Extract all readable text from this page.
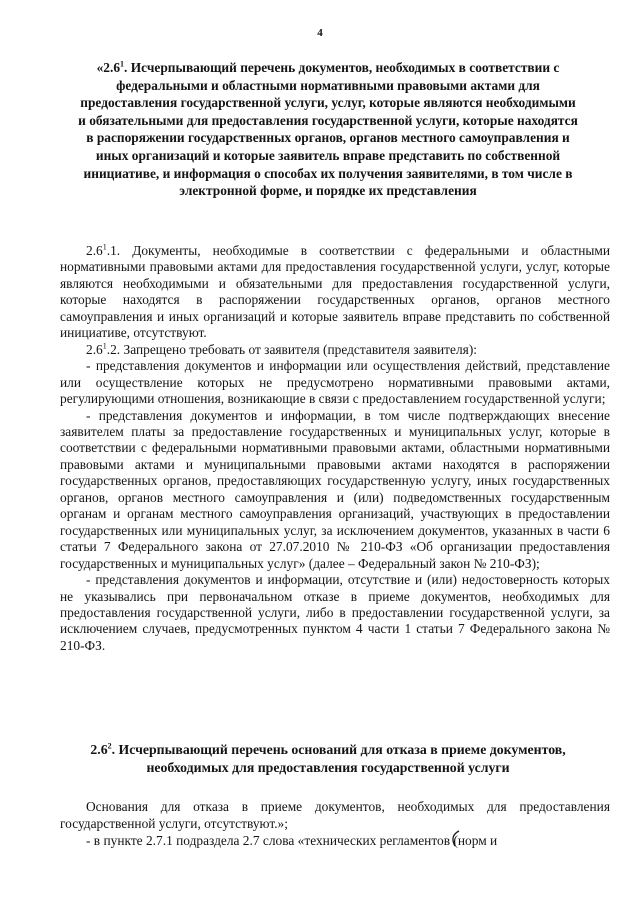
4
«$2.6^1$. Исчерпывающий перечень документов, необходимых в соответствии с федеральными и областными нормативными правовыми актами для предоставления государственной услуги, услуг, которые являются необходимыми и обязательными для предоставления государственной услуги, которые находятся в распоряжении государственных органов, органов местного самоуправления и иных организаций и которые заявитель вправе представить по собственной инициативе, и информация о способах их получения заявителями, в том числе в электронной форме, и порядке их представления

$2.6^1.1$. Документы, необходимые в соответствии с федеральными и областными нормативными правовыми актами для предоставления государственной услуги, услуг, которые являются необходимыми и обязательными для предоставления государственной услуги, которые находятся в распоряжении государственных органов, органов местного самоуправления и иных организаций и которые заявитель вправе представить по собственной инициативе, отсутствуют.

$2.6^1.2$. Запрещено требовать от заявителя (представителя заявителя):

- представления документов и информации или осуществления действий, представление или осуществление которых не предусмотрено нормативными правовыми актами, регулирующими отношения, возникающие в связи с предоставлением государственной услуги;

- представления документов и информации, в том числе подтверждающих внесение заявителем платы за предоставление государственных и муниципальных услуг, которые в соответствии с федеральными нормативными правовыми актами, областными нормативными правовыми актами и муниципальными правовыми актами находятся в распоряжении государственных органов, предоставляющих государственную услугу, иных государственных органов, органов местного самоуправления и (или) подведомственных государственным органам и органам местного самоуправления организаций, участвующих в предоставлении государственных или муниципальных услуг, за исключением документов, указанных в части 6 статьи 7 Федерального закона от 27.07.2010 № 210-ФЗ «Об организации предоставления государственных и муниципальных услуг» (далее – Федеральный закон № 210-ФЗ);

- представления документов и информации, отсутствие и (или) недостоверность которых не указывались при первоначальном отказе в приеме документов, необходимых для предоставления государственной услуги, либо в предоставлении государственной услуги, за исключением случаев, предусмотренных пунктом 4 части 1 статьи 7 Федерального закона № 210-ФЗ.

$2.6^2$. Исчерпывающий перечень оснований для отказа в приеме документов, необходимых для предоставления государственной услуги

Основания для отказа в приеме документов, необходимых для предоставления государственной услуги, отсутствуют.»;

- в пункте 2.7.1 подраздела 2.7 слова «технических регламентов
(норм и
